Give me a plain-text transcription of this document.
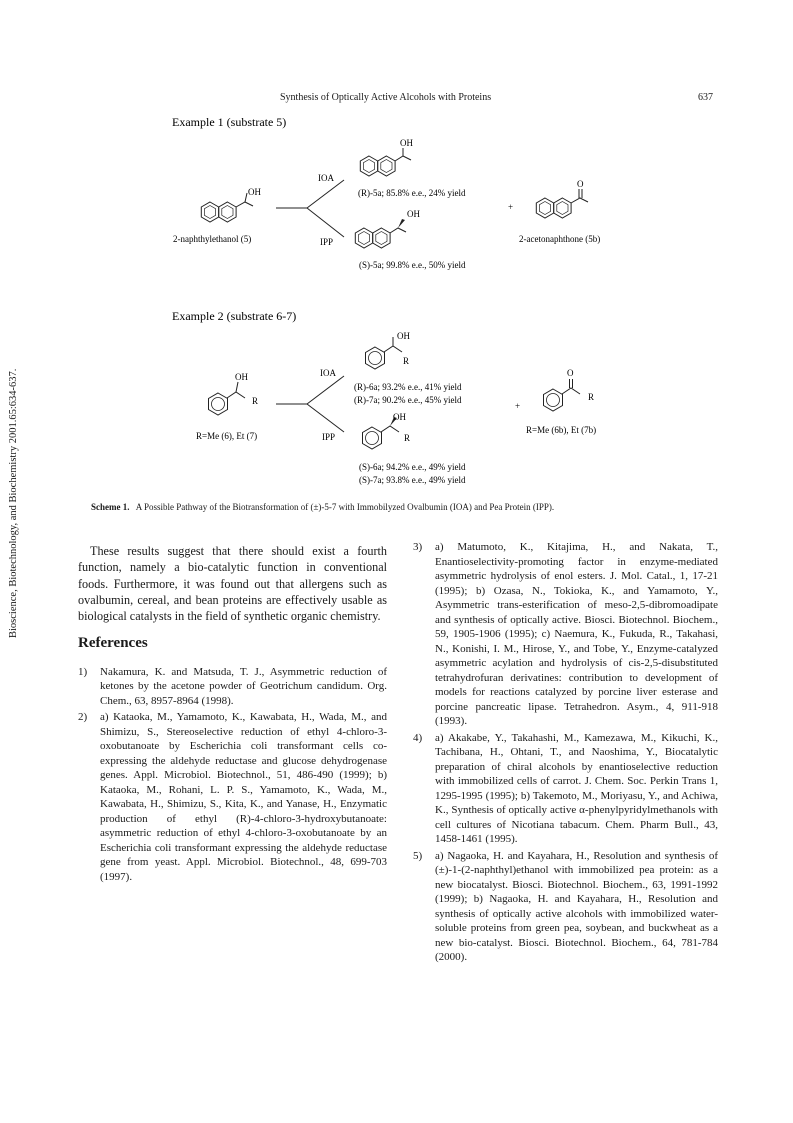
Synthesis of Optically Active Alcohols with Proteins	637
Bioscience, Biotechnology, and Biochemistry 2001.65:634-637.
Example 1 (substrate 5)
OH
2-naphthylethanol (5)
IOA
IPP
OH
(R)-5a; 85.8% e.e., 24% yield
+
OH
(S)-5a; 99.8% e.e., 50% yield
O
2-acetonaphthone (5b)
Example 2 (substrate 6-7)
OH
R
R=Me (6), Et (7)
IOA
IPP
OH
R
(R)-6a; 93.2% e.e., 41% yield
(R)-7a; 90.2% e.e., 45% yield
+
OH
R
(S)-6a; 94.2% e.e., 49% yield
(S)-7a; 93.8% e.e., 49% yield
O
R
R=Me (6b), Et (7b)
Scheme 1. A Possible Pathway of the Biotransformation of (±)-5-7 with Immobilyzed Ovalbumin (IOA) and Pea Protein (IPP).

These results suggest that there should exist a fourth function, namely a bio-catalytic function in conventional foods. Furthermore, it was found out that allergens such as ovalbumin, cereal, and bean proteins are effectively usable as biological catalysts in the field of synthetic organic chemistry.

References
1) Nakamura, K. and Matsuda, T. J., Asymmetric reduction of ketones by the acetone powder of Geotrichum candidum. Org. Chem., 63, 8957-8964 (1998).
2) a) Kataoka, M., Yamamoto, K., Kawabata, H., Wada, M., and Shimizu, S., Stereoselective reduction of ethyl 4-chloro-3-oxobutanoate by Escherichia coli transformant cells co-expressing the aldehyde reductase and glucose dehydrogenase genes. Appl. Microbiol. Biotechnol., 51, 486-490 (1999); b) Kataoka, M., Rohani, L. P. S., Yamamoto, K., Wada, M., Kawabata, H., Shimizu, S., Kita, K., and Yanase, H., Enzymatic production of ethyl (R)-4-chloro-3-hydroxybutanoate: asymmetric reduction of ethyl 4-chloro-3-oxobutanoate by an Escherichia coli transformant expressing the aldehyde reductase gene from yeast. Appl. Microbiol. Biotechnol., 48, 699-703 (1997).
3) a) Matumoto, K., Kitajima, H., and Nakata, T., Enantioselectivity-promoting factor in enzyme-mediated asymmetric hydrolysis of enol esters. J. Mol. Catal., 1, 17-21 (1995); b) Ozasa, N., Tokioka, K., and Yamamoto, Y., Asymmetric trans-esterification of meso-2,5-dibromoadipate and synthesis of optically active. Biosci. Biotechnol. Biochem., 59, 1905-1906 (1995); c) Naemura, K., Fukuda, R., Takahasi, N., Konishi, I. M., Hirose, Y., and Tobe, Y., Enzyme-catalyzed asymmetric acylation and hydrolysis of cis-2,5-disubstituted tetrahydrofuran derivatines: contribution to development of models for reactions catalyzed by porcine liver esterase and porcine pancreatic lipase. Tetrahedron. Asym., 4, 911-918 (1993).
4) a) Akakabe, Y., Takahashi, M., Kamezawa, M., Kikuchi, K., Tachibana, H., Ohtani, T., and Naoshima, Y., Biocatalytic preparation of chiral alcohols by enantioselective reduction with immobilized cells of carrot. J. Chem. Soc. Perkin Trans 1, 1295-1995 (1995); b) Takemoto, M., Moriyasu, Y., and Achiwa, K., Synthesis of optically active α-phenylpyridylmethanols with cell cultures of Nicotiana tabacum. Chem. Pharm Bull., 43, 1458-1461 (1995).
5) a) Nagaoka, H. and Kayahara, H., Resolution and synthesis of (±)-1-(2-naphthyl)ethanol with immobilized pea protein: as a new biocatalyst. Biosci. Biotechnol. Biochem., 63, 1991-1992 (1999); b) Nagaoka, H. and Kayahara, H., Resolution and synthesis of optically active alcohols with immobilized water-soluble proteins from green pea, soybean, and buckwheat as a new bio-catalyst. Biosci. Biotechnol. Biochem., 64, 781-784 (2000).
